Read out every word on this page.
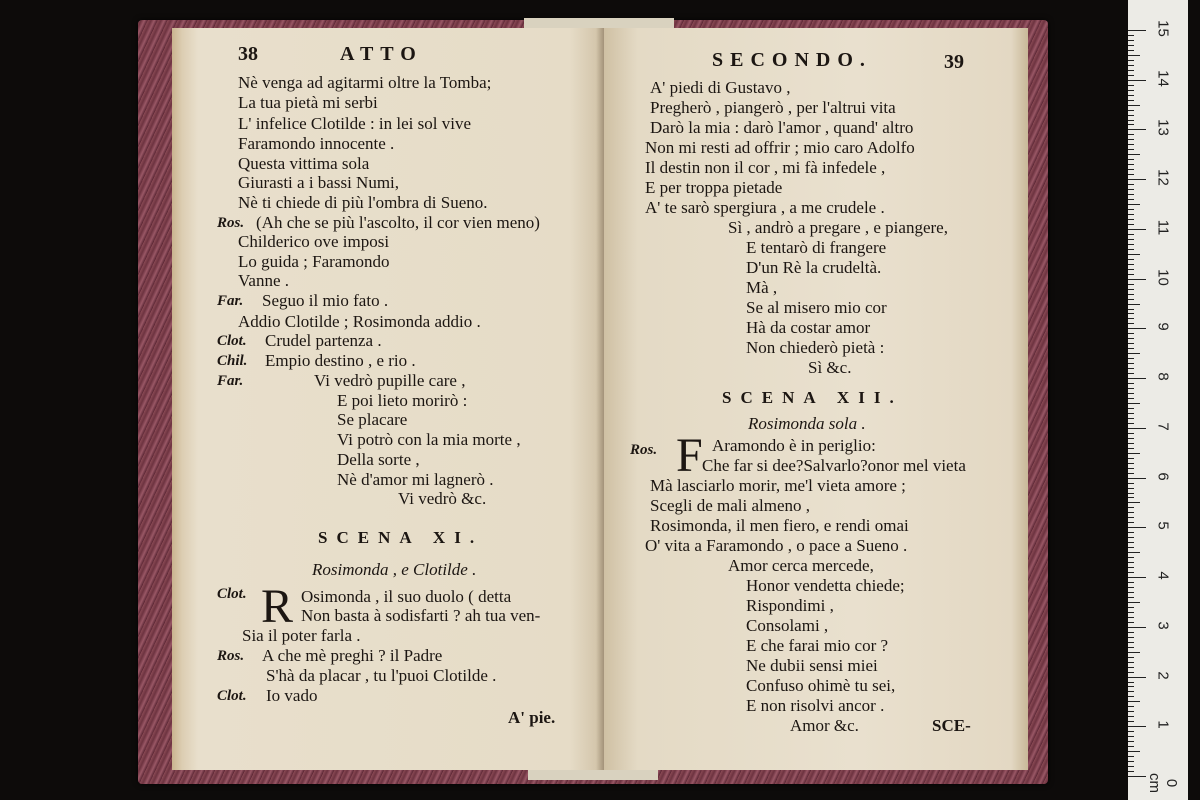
38	ATTO
Nè venga ad agitarmi oltre la Tomba;
La tua pietà mi serbi
L' infelice Clotilde : in lei sol vive
Faramondo innocente .
Questa vittima sola
Giurasti a i bassi Numi,
Nè ti chiede di più l'ombra di Sueno.
Ros. (Ah che se più l'ascolto, il cor vien meno)
Childerico ove imposi
Lo guida ; Faramondo
Vanne .
Far. Seguo il mio fato .
Addio Clotilde ; Rosimonda addio .
Clot. Crudel partenza .
Chil. Empio destino , e rio .
Far.	Vi vedrò pupille care ,
E poi lieto morirò :
Se placare
Vi potrò con la mia morte ,
Della sorte ,
Nè d'amor mi lagnerò .
Vi vedrò &c.
SCENA XI.
Rosimonda , e Clotilde .
Clot. R Osimonda , il suo duolo ( detta
Non basta à sodisfarti ? ah tua ven-
Sia il poter farla .
Ros. A che mè preghi ? il Padre
S'hà da placar , tu l'puoi Clotilde .
Clot. Io vado
A' pie.
SECONDO.	39
A' piedi di Gustavo ,
Pregherò , piangerò , per l'altrui vita
Darò la mia : darò l'amor , quand' altro
Non mi resti ad offrir ; mio caro Adolfo
Il destin non il cor , mi fà infedele ,
E per troppa pietade
A' te sarò spergiura , a me crudele .
Sì , andrò a pregare , e piangere,
E tentarò di frangere
D'un Rè la crudeltà.
Mà ,
Se al misero mio cor
Hà da costar amor
Non chiederò pietà :
Sì &c.
SCENA XII.
Rosimonda sola .
Ros. F Aramondo è in periglio:
Che far si dee?Salvarlo?onor mel vieta
Mà lasciarlo morir, me'l vieta amore ;
Scegli de mali almeno ,
Rosimonda, il men fiero, e rendi omai
O' vita a Faramondo , o pace a Sueno .
Amor cerca mercede,
Honor vendetta chiede;
Rispondimi ,
Consolami ,
E che farai mio cor ?
Ne dubii sensi miei
Confuso ohimè tu sei,
E non risolvi ancor .
Amor &c.	SCE-
0 cm
1
2
3
4
5
6
7
8
9
10
11
12
13
14
15
